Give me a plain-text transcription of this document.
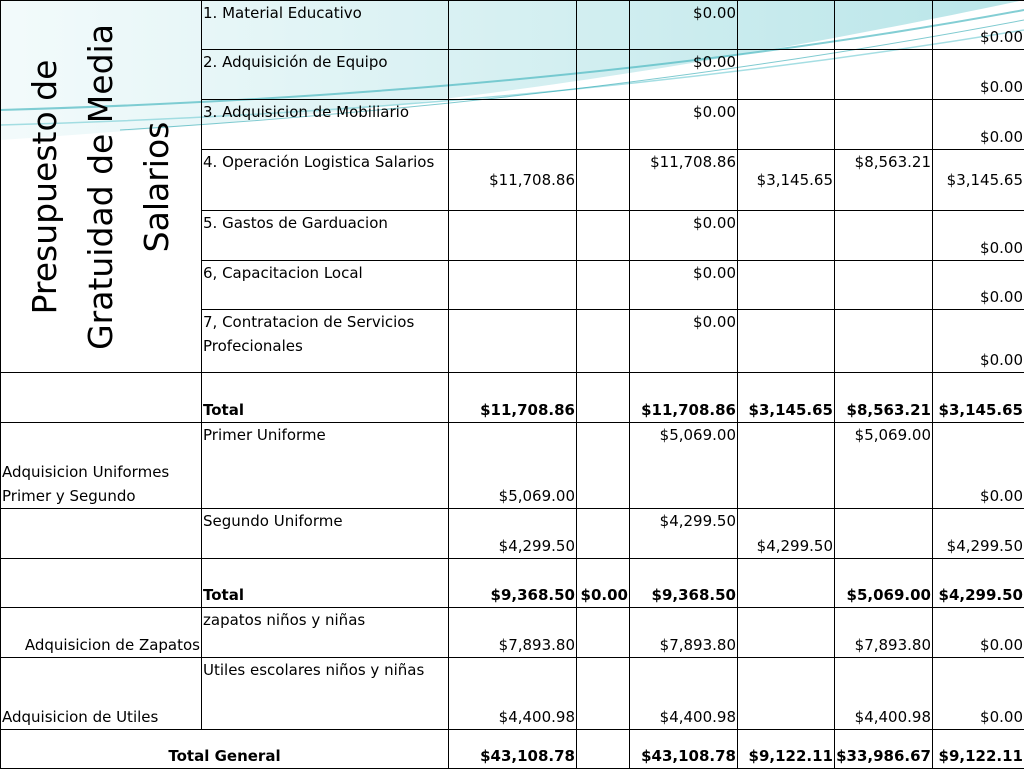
Presupuesto de Gratuidad de Media Salarios	1. Material Educativo			$0.00			$0.00
	2. Adquisición de Equipo			$0.00			$0.00
	3. Adquisicion de Mobiliario			$0.00			$0.00
	4. Operación Logistica Salarios	$11,708.86		$11,708.86	$3,145.65	$8,563.21	$3,145.65
	5. Gastos de Garduacion			$0.00			$0.00
	6, Capacitacion Local			$0.00			$0.00
	7, Contratacion de Servicios Profecionales			$0.00			$0.00
	Total	$11,708.86		$11,708.86	$3,145.65	$8,563.21	$3,145.65
Adquisicion Uniformes Primer y Segundo	Primer Uniforme	$5,069.00		$5,069.00		$5,069.00	$0.00
	Segundo Uniforme	$4,299.50		$4,299.50	$4,299.50		$4,299.50
	Total	$9,368.50	$0.00	$9,368.50		$5,069.00	$4,299.50
Adquisicion de Zapatos	zapatos niños y niñas	$7,893.80		$7,893.80		$7,893.80	$0.00
Adquisicion de Utiles	Utiles escolares niños y niñas	$4,400.98		$4,400.98		$4,400.98	$0.00
Total General		$43,108.78		$43,108.78	$9,122.11	$33,986.67	$9,122.11
